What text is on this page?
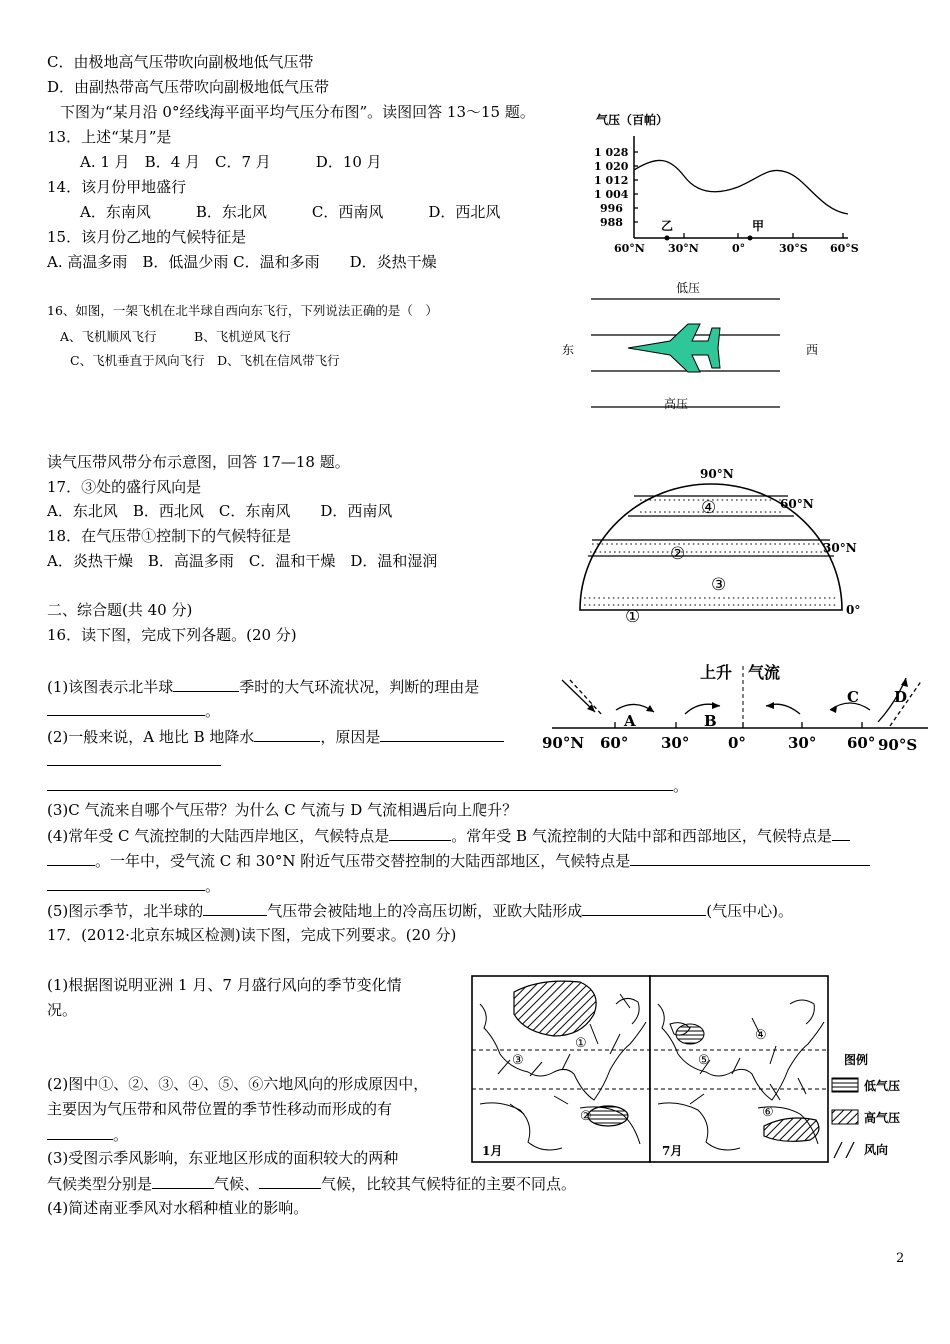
C．由极地高气压带吹向副极地低气压带
D．由副热带高气压带吹向副极地低气压带
下图为“某月沿 0°经线海平面平均气压分布图”。读图回答 13～15 题。
13．上述“某月”是
A. 1 月　B．4 月　C．7 月　　　D．10 月
14．该月份甲地盛行
A．东南风　　　B．东北风　　　C．西南风　　　D．西北风
15．该月份乙地的气候特征是
A. 高温多雨　B．低温少雨 C．温和多雨　　D．炎热干燥
16、如图，一架飞机在北半球自西向东飞行，下列说法正确的是（　）
A、飞机顺风飞行　　　B、飞机逆风飞行
C、飞机垂直于风向飞行　D、飞机在信风带飞行
读气压带风带分布示意图，回答 17—18 题。
17．③处的盛行风向是
A．东北风　B．西北风　C．东南风　　D．西南风
18．在气压带①控制下的气候特征是
A．炎热干燥　B．高温多雨　C．温和干燥　D．温和湿润
二、综合题(共 40 分)
16．读下图，完成下列各题。(20 分)
(1)该图表示北半球	季时的大气环流状况，判断的理由是
。
(2)一般来说，A 地比 B 地降水	，原因是
。
(3)C 气流来自哪个气压带？为什么 C 气流与 D 气流相遇后向上爬升？
(4)常年受 C 气流控制的大陆西岸地区，气候特点是	。常年受 B 气流控制的大陆中部和西部地区，气候特点是
。一年中，受气流 C 和 30°N 附近气压带交替控制的大陆西部地区，气候特点是
。
(5)图示季节，北半球的	气压带会被陆地上的冷高压切断，亚欧大陆形成	(气压中心)。
17．(2012·北京东城区检测)读下图，完成下列要求。(20 分)
(1)根据图说明亚洲 1 月、7 月盛行风向的季节变化情
况。
(2)图中①、②、③、④、⑤、⑥六地风向的形成原因中，
主要因为气压带和风带位置的季节性移动而形成的有
。
(3)受图示季风影响，东亚地区形成的面积较大的两种
气候类型分别是	气候、	气候，比较其气候特征的主要不同点。
(4)简述南亚季风对水稻种植业的影响。
2
气压（百帕）
1 028
1 020
1 012
1 004
996
988	乙	甲
60°N 30°N	0°	30°S 60°S
低压
东	西
高压
90°N
④
②
③
①
60°N
30°N
0°
上升　气流
A	B
C D
90°N 60° 30°	0°	30° 60° 90°S
①
②
③
④
⑤
⑥
1月	7月
图例
低气压
高气压
风向
